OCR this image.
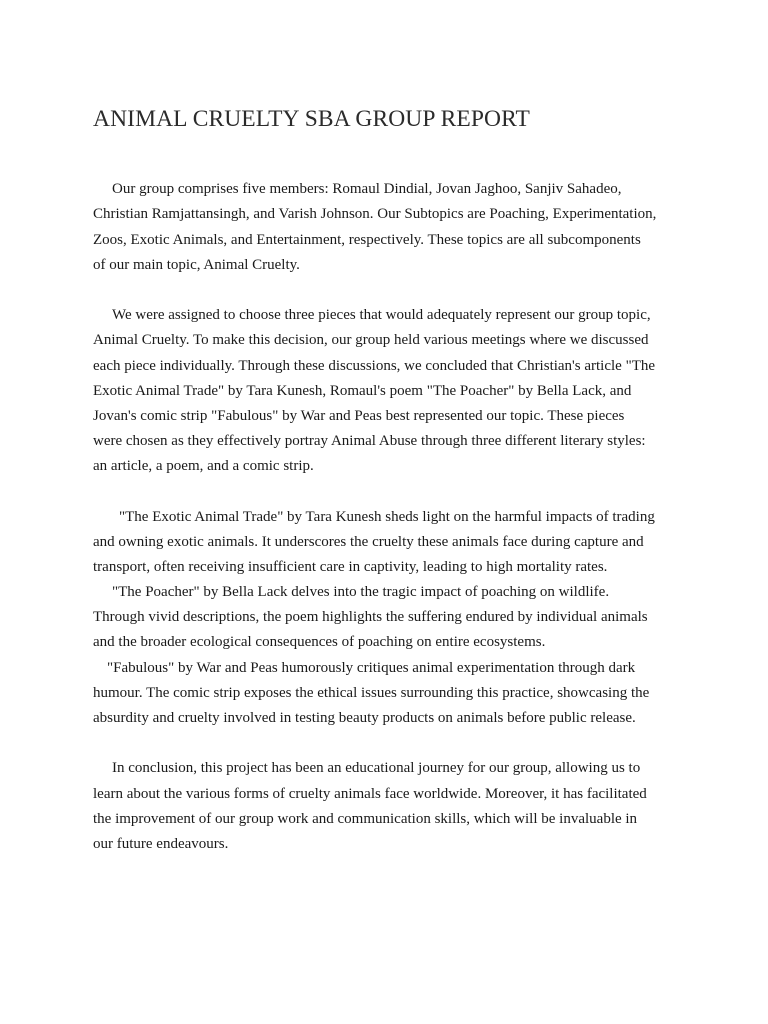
ANIMAL CRUELTY SBA GROUP REPORT

Our group comprises five members: Romaul Dindial, Jovan Jaghoo, Sanjiv Sahadeo,

Christian Ramjattansingh, and Varish Johnson. Our Subtopics are Poaching, Experimentation,

Zoos, Exotic Animals, and Entertainment, respectively. These topics are all subcomponents

of our main topic, Animal Cruelty.

We were assigned to choose three pieces that would adequately represent our group topic,

Animal Cruelty. To make this decision, our group held various meetings where we discussed

each piece individually. Through these discussions, we concluded that Christian's article "The

Exotic Animal Trade" by Tara Kunesh, Romaul's poem "The Poacher" by Bella Lack, and

Jovan's comic strip "Fabulous" by War and Peas best represented our topic. These pieces

were chosen as they effectively portray Animal Abuse through three different literary styles:

an article, a poem, and a comic strip.

"The Exotic Animal Trade" by Tara Kunesh sheds light on the harmful impacts of trading

and owning exotic animals. It underscores the cruelty these animals face during capture and

transport, often receiving insufficient care in captivity, leading to high mortality rates.

"The Poacher" by Bella Lack delves into the tragic impact of poaching on wildlife.

Through vivid descriptions, the poem highlights the suffering endured by individual animals

and the broader ecological consequences of poaching on entire ecosystems.

"Fabulous" by War and Peas humorously critiques animal experimentation through dark

humour. The comic strip exposes the ethical issues surrounding this practice, showcasing the

absurdity and cruelty involved in testing beauty products on animals before public release.

In conclusion, this project has been an educational journey for our group, allowing us to

learn about the various forms of cruelty animals face worldwide. Moreover, it has facilitated

the improvement of our group work and communication skills, which will be invaluable in

our future endeavours.
